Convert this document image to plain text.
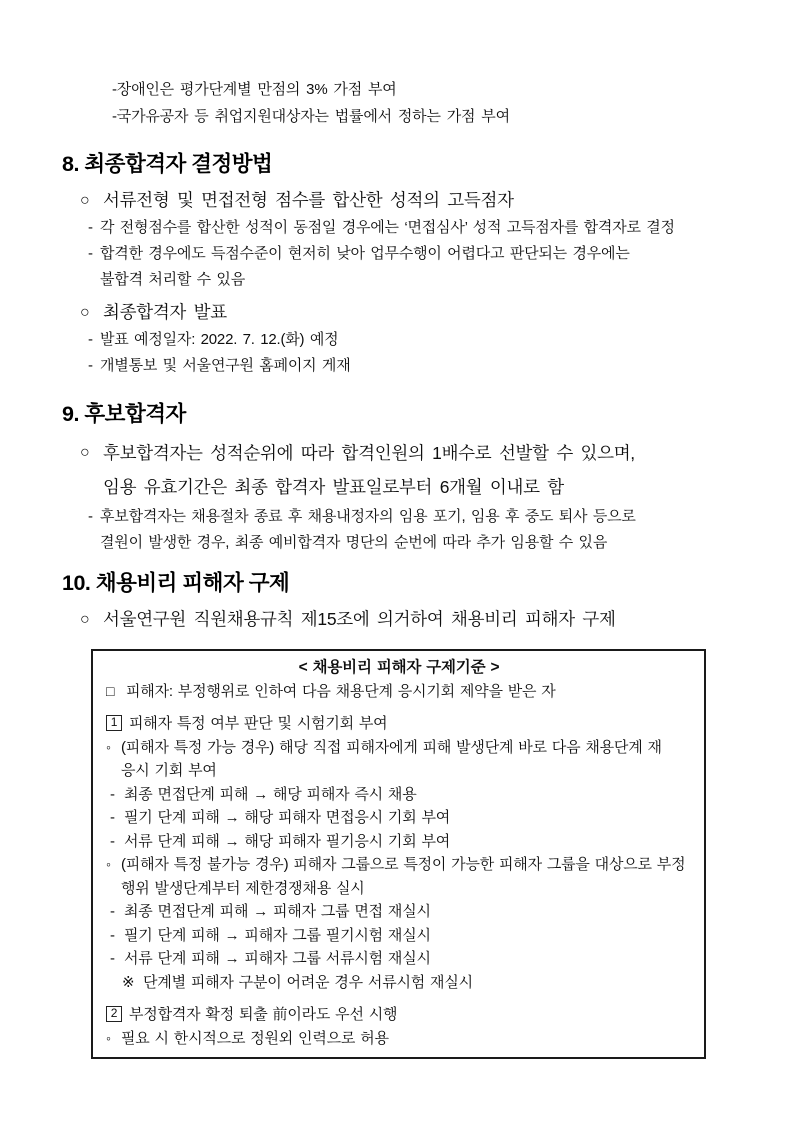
- 장애인은 평가단계별 만점의 3% 가점 부여
- 국가유공자 등 취업지원대상자는 법률에서 정하는 가점 부여
8. 최종합격자 결정방법
○ 서류전형 및 면접전형 점수를 합산한 성적의 고득점자
- 각 전형점수를 합산한 성적이 동점일 경우에는 ‘면접심사’ 성적 고득점자를 합격자로 결정
- 합격한 경우에도 득점수준이 현저히 낮아 업무수행이 어렵다고 판단되는 경우에는
불합격 처리할 수 있음
○ 최종합격자 발표
- 발표 예정일자: 2022. 7. 12.(화) 예정
- 개별통보 및 서울연구원 홈페이지 게재
9. 후보합격자
○ 후보합격자는 성적순위에 따라 합격인원의 1배수로 선발할 수 있으며,
임용 유효기간은 최종 합격자 발표일로부터 6개월 이내로 함
- 후보합격자는 채용절차 종료 후 채용내정자의 임용 포기, 임용 후 중도 퇴사 등으로
결원이 발생한 경우, 최종 예비합격자 명단의 순번에 따라 추가 임용할 수 있음
10. 채용비리 피해자 구제
○ 서울연구원 직원채용규칙 제15조에 의거하여 채용비리 피해자 구제
< 채용비리 피해자 구제기준 >
□ 피해자: 부정행위로 인하여 다음 채용단계 응시기회 제약을 받은 자
1 피해자 특정 여부 판단 및 시험기회 부여
◦ (피해자 특정 가능 경우) 해당 직접 피해자에게 피해 발생단계 바로 다음 채용단계 재
응시 기회 부여
- 최종 면접단계 피해 → 해당 피해자 즉시 채용
- 필기 단계 피해 → 해당 피해자 면접응시 기회 부여
- 서류 단계 피해 → 해당 피해자 필기응시 기회 부여
◦ (피해자 특정 불가능 경우) 피해자 그룹으로 특정이 가능한 피해자 그룹을 대상으로 부정
행위 발생단계부터 제한경쟁채용 실시
- 최종 면접단계 피해 → 피해자 그룹 면접 재실시
- 필기 단계 피해 → 피해자 그룹 필기시험 재실시
- 서류 단계 피해 → 피해자 그룹 서류시험 재실시
※ 단계별 피해자 구분이 어려운 경우 서류시험 재실시
2 부정합격자 확정 퇴출 前이라도 우선 시행
◦ 필요 시 한시적으로 정원외 인력으로 허용
